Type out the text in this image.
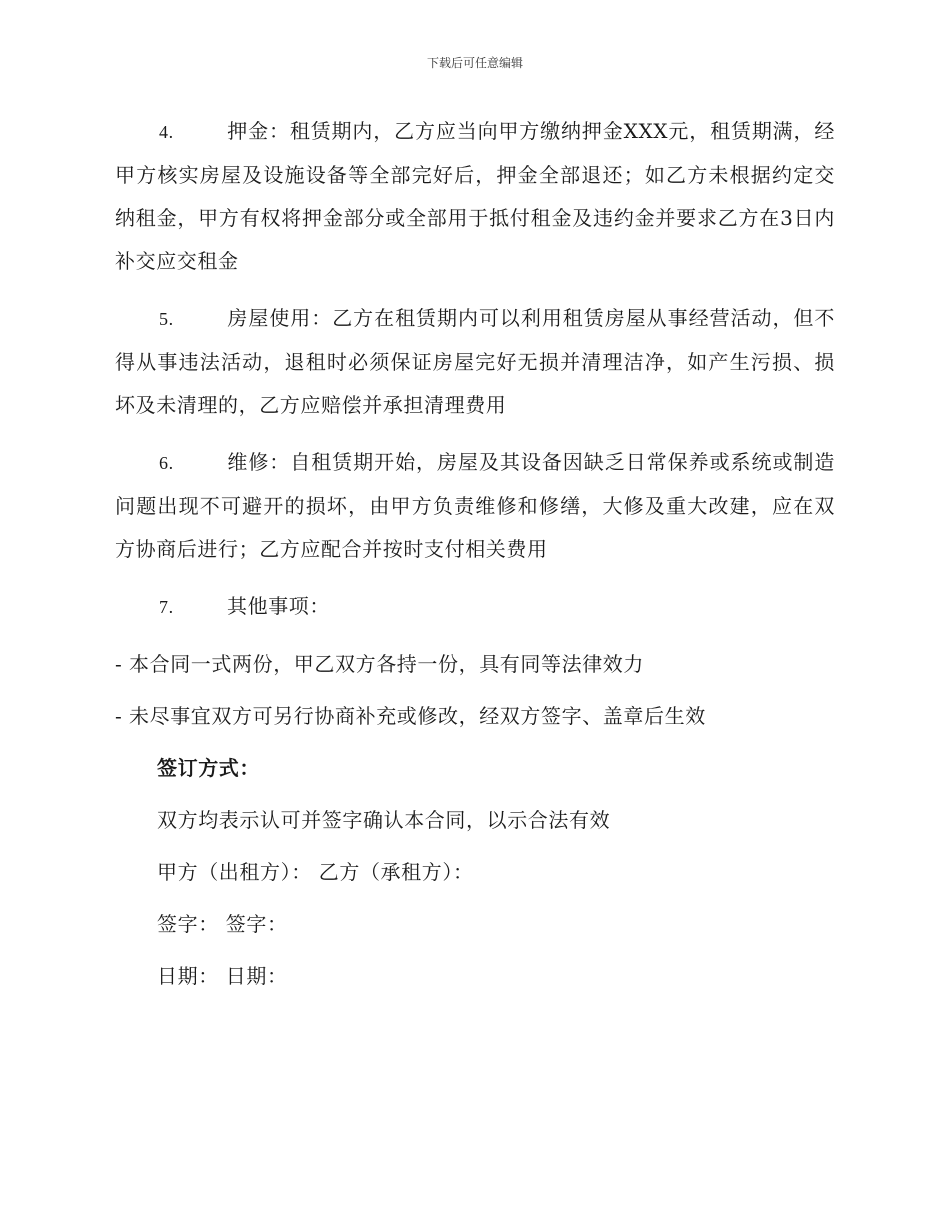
下载后可任意编辑

4.	押金：租赁期内，乙方应当向甲方缴纳押金XXX元，租赁期满，经甲方核实房屋及设施设备等全部完好后，押金全部退还；如乙方未根据约定交纳租金，甲方有权将押金部分或全部用于抵付租金及违约金并要求乙方在3日内补交应交租金

5.	房屋使用：乙方在租赁期内可以利用租赁房屋从事经营活动，但不得从事违法活动，退租时必须保证房屋完好无损并清理洁净，如产生污损、损坏及未清理的，乙方应赔偿并承担清理费用

6.	维修：自租赁期开始，房屋及其设备因缺乏日常保养或系统或制造问题出现不可避开的损坏，由甲方负责维修和修缮，大修及重大改建，应在双方协商后进行；乙方应配合并按时支付相关费用

7.	其他事项：

- 本合同一式两份，甲乙双方各持一份，具有同等法律效力

- 未尽事宜双方可另行协商补充或修改，经双方签字、盖章后生效

签订方式：

双方均表示认可并签字确认本合同，以示合法有效

甲方（出租方）： 乙方（承租方）：

签字： 签字：

日期： 日期：
